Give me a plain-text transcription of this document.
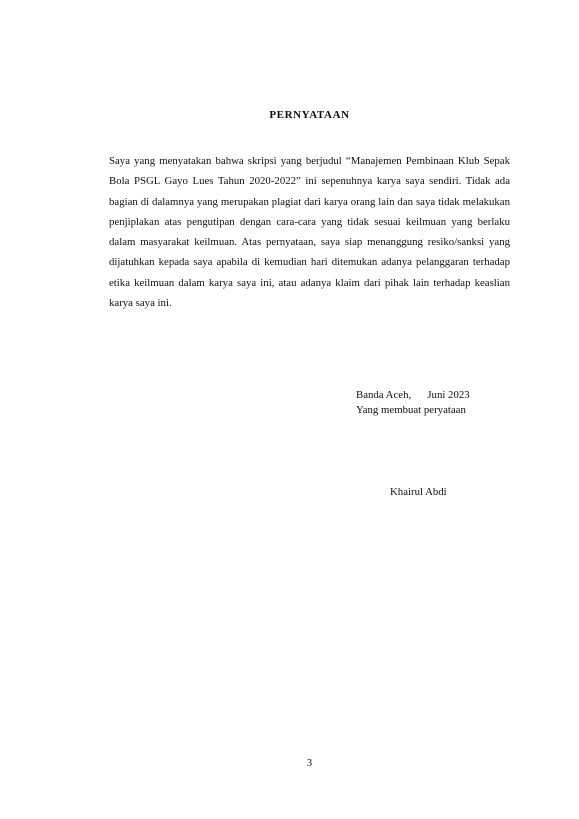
PERNYATAAN

Saya yang menyatakan bahwa skripsi yang berjudul “Manajemen Pembinaan Klub Sepak Bola PSGL Gayo Lues Tahun 2020-2022” ini sepenuhnya karya saya sendiri. Tidak ada bagian di dalamnya yang merupakan plagiat dari karya orang lain dan saya tidak melakukan penjiplakan atas pengutipan dengan cara-cara yang tidak sesuai keilmuan yang berlaku dalam masyarakat keilmuan. Atas pernyataan, saya siap menanggung resiko/sanksi yang dijatuhkan kepada saya apabila di kemudian hari ditemukan adanya pelanggaran terhadap etika keilmuan dalam karya saya ini, atau adanya klaim dari pihak lain terhadap keaslian karya saya ini.

Banda Aceh,      Juni 2023
Yang membuat peryataan
Khairul Abdi
3
